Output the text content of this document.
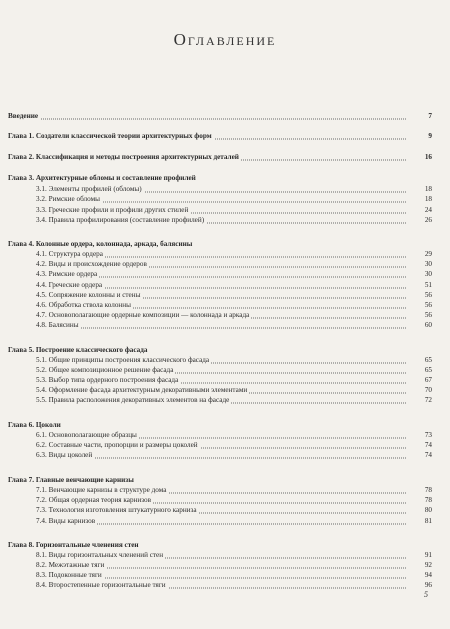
Оглавление
Введение	7
Глава 1. Создатели классической теории архитектурных форм	9
Глава 2. Классификация и методы построения архитектурных деталей	16
Глава 3. Архитектурные обломы и составление профилей
3.1. Элементы профилей (обломы)	18
3.2. Римские обломы	18
3.3. Греческие профили и профили других стилей	24
3.4. Правила профилирования (составление профилей)	26
Глава 4. Колонные ордера, колоннада, аркада, балясины
4.1. Структура ордера	29
4.2. Виды и происхождение ордеров	30
4.3. Римские ордера	30
4.4. Греческие ордера	51
4.5. Сопряжение колонны и стены	56
4.6. Обработка ствола колонны	56
4.7. Основополагающие ордерные композиции — колоннада и аркада	56
4.8. Балясины	60
Глава 5. Построение классического фасада
5.1. Общие принципы построения классического фасада	65
5.2. Общее композиционное решение фасада	65
5.3. Выбор типа ордерного построения фасада	67
5.4. Оформление фасада архитектурным декоративными элементами	70
5.5. Правила расположения декоративных элементов на фасаде	72
Глава 6. Цоколи
6.1. Основополагающие образцы	73
6.2. Составные части, пропорции и размеры цоколей	74
6.3. Виды цоколей	74
Глава 7. Главные венчающие карнизы
7.1. Венчающие карнизы в структуре дома	78
7.2. Общая ордерная теория карнизов	78
7.3. Технология изготовления штукатурного карниза	80
7.4. Виды карнизов	81
Глава 8. Горизонтальные членения стен
8.1. Виды горизонтальных членений стен	91
8.2. Межэтажные тяги	92
8.3. Подоконные тяги	94
8.4. Второстепенные горизонтальные тяги	96
5
